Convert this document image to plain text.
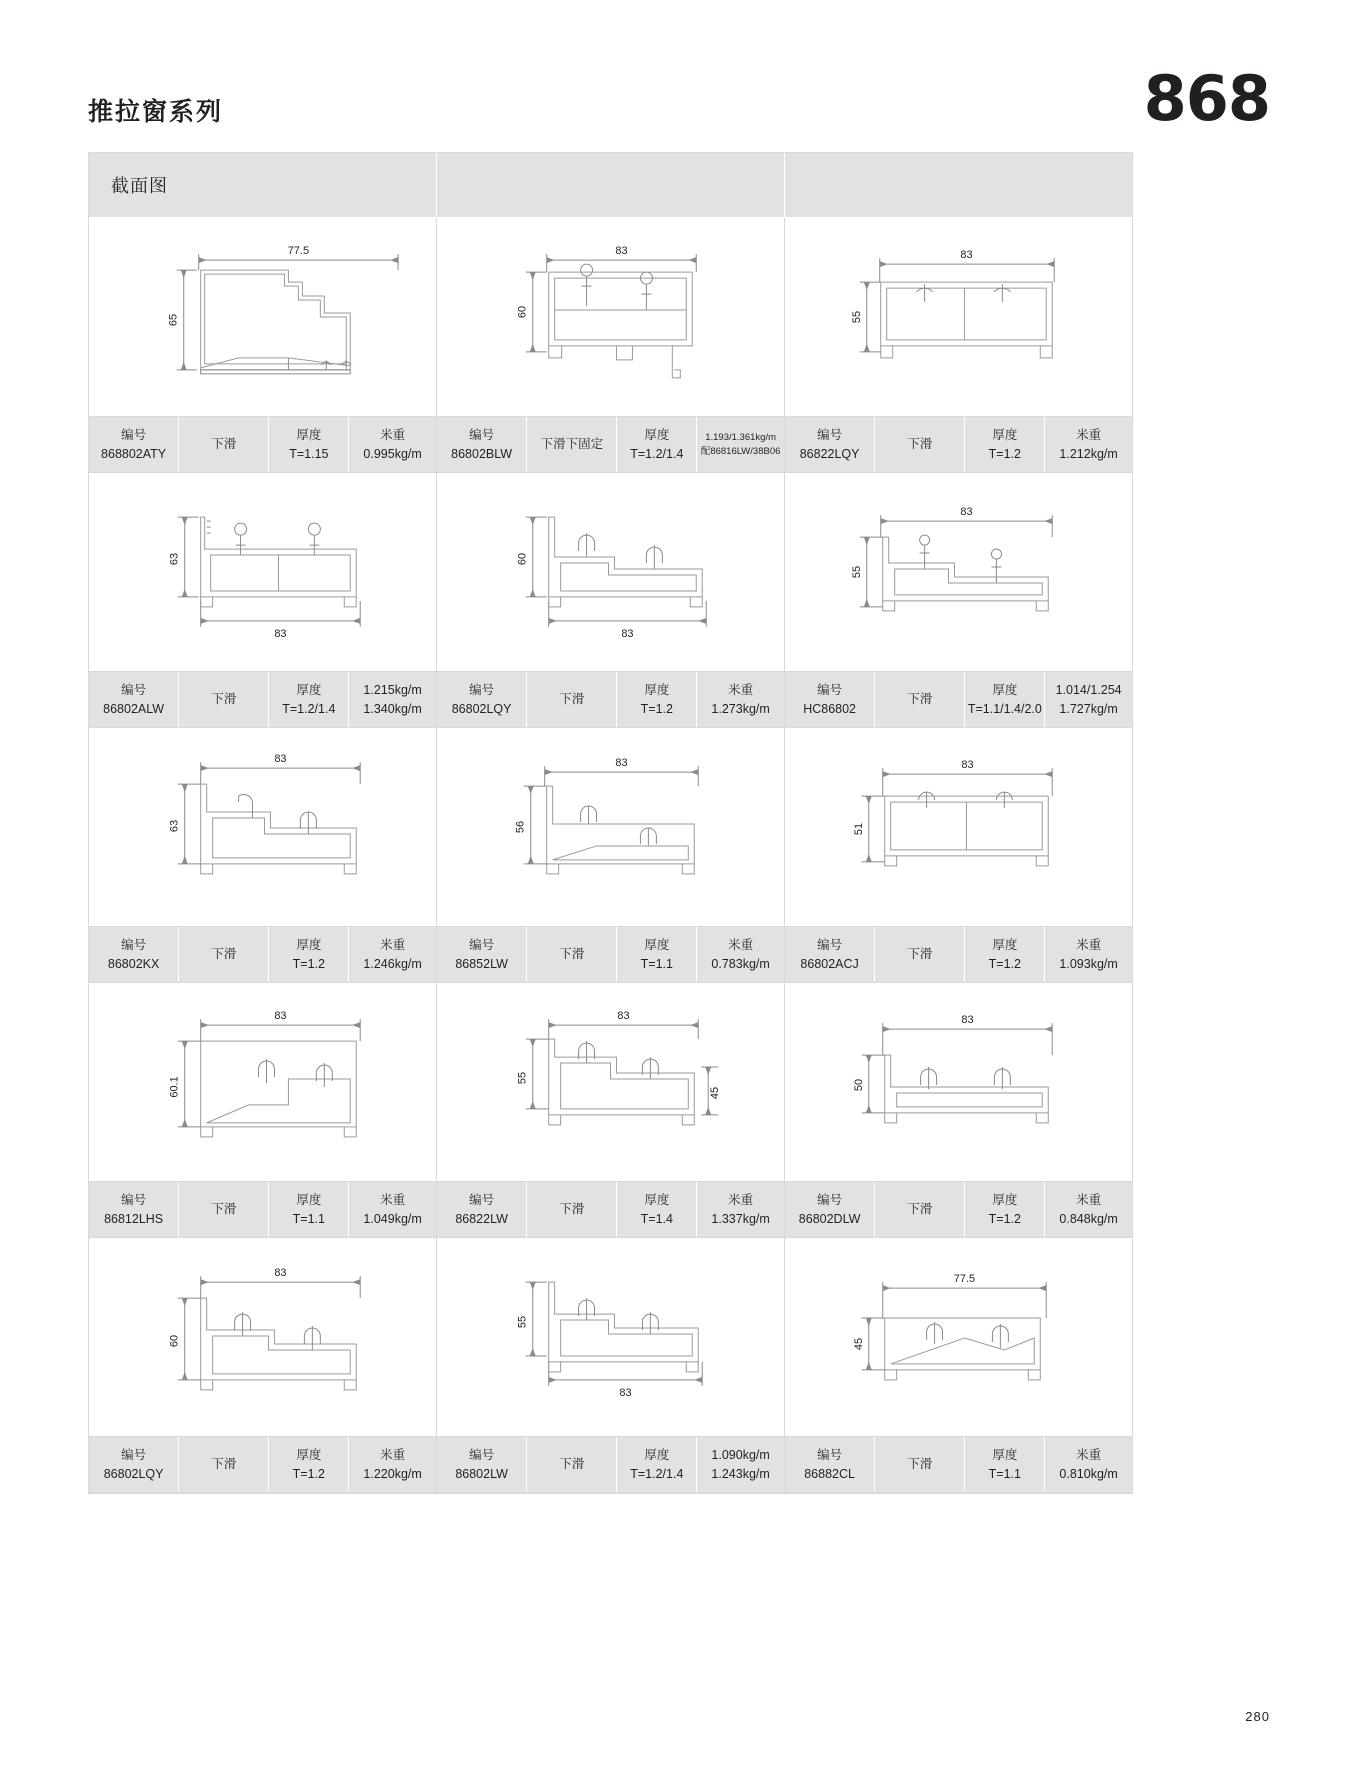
推拉窗系列	868
截面图
77.5
65
编号
868802ATY
下滑
厚度
T=1.15
米重
0.995kg/m
83
60
编号
86802BLW
下滑下固定
厚度
T=1.2/1.4
1.193/1.361kg/m
配86816LW/38B06
83
55
编号
86822LQY
下滑
厚度
T=1.2
米重
1.212kg/m
63
83
编号
86802ALW
下滑
厚度
T=1.2/1.4
1.215kg/m
1.340kg/m
60
83
编号
86802LQY
下滑
厚度
T=1.2
米重
1.273kg/m
83
55
编号
HC86802
下滑
厚度
T=1.1/1.4/2.0
1.014/1.254
1.727kg/m
83
63
编号
86802KX
下滑
厚度
T=1.2
米重
1.246kg/m
83
56
编号
86852LW
下滑
厚度
T=1.1
米重
0.783kg/m
83
51
编号
86802ACJ
下滑
厚度
T=1.2
米重
1.093kg/m
83
60.1
编号
86812LHS
下滑
厚度
T=1.1
米重
1.049kg/m
83
55
45
编号
86822LW
下滑
厚度
T=1.4
米重
1.337kg/m
83
50
编号
86802DLW
下滑
厚度
T=1.2
米重
0.848kg/m
83
60
编号
86802LQY
下滑
厚度
T=1.2
米重
1.220kg/m
55
83
编号
86802LW
下滑
厚度
T=1.2/1.4
1.090kg/m
1.243kg/m
77.5
45
编号
86882CL
下滑
厚度
T=1.1
米重
0.810kg/m
280
